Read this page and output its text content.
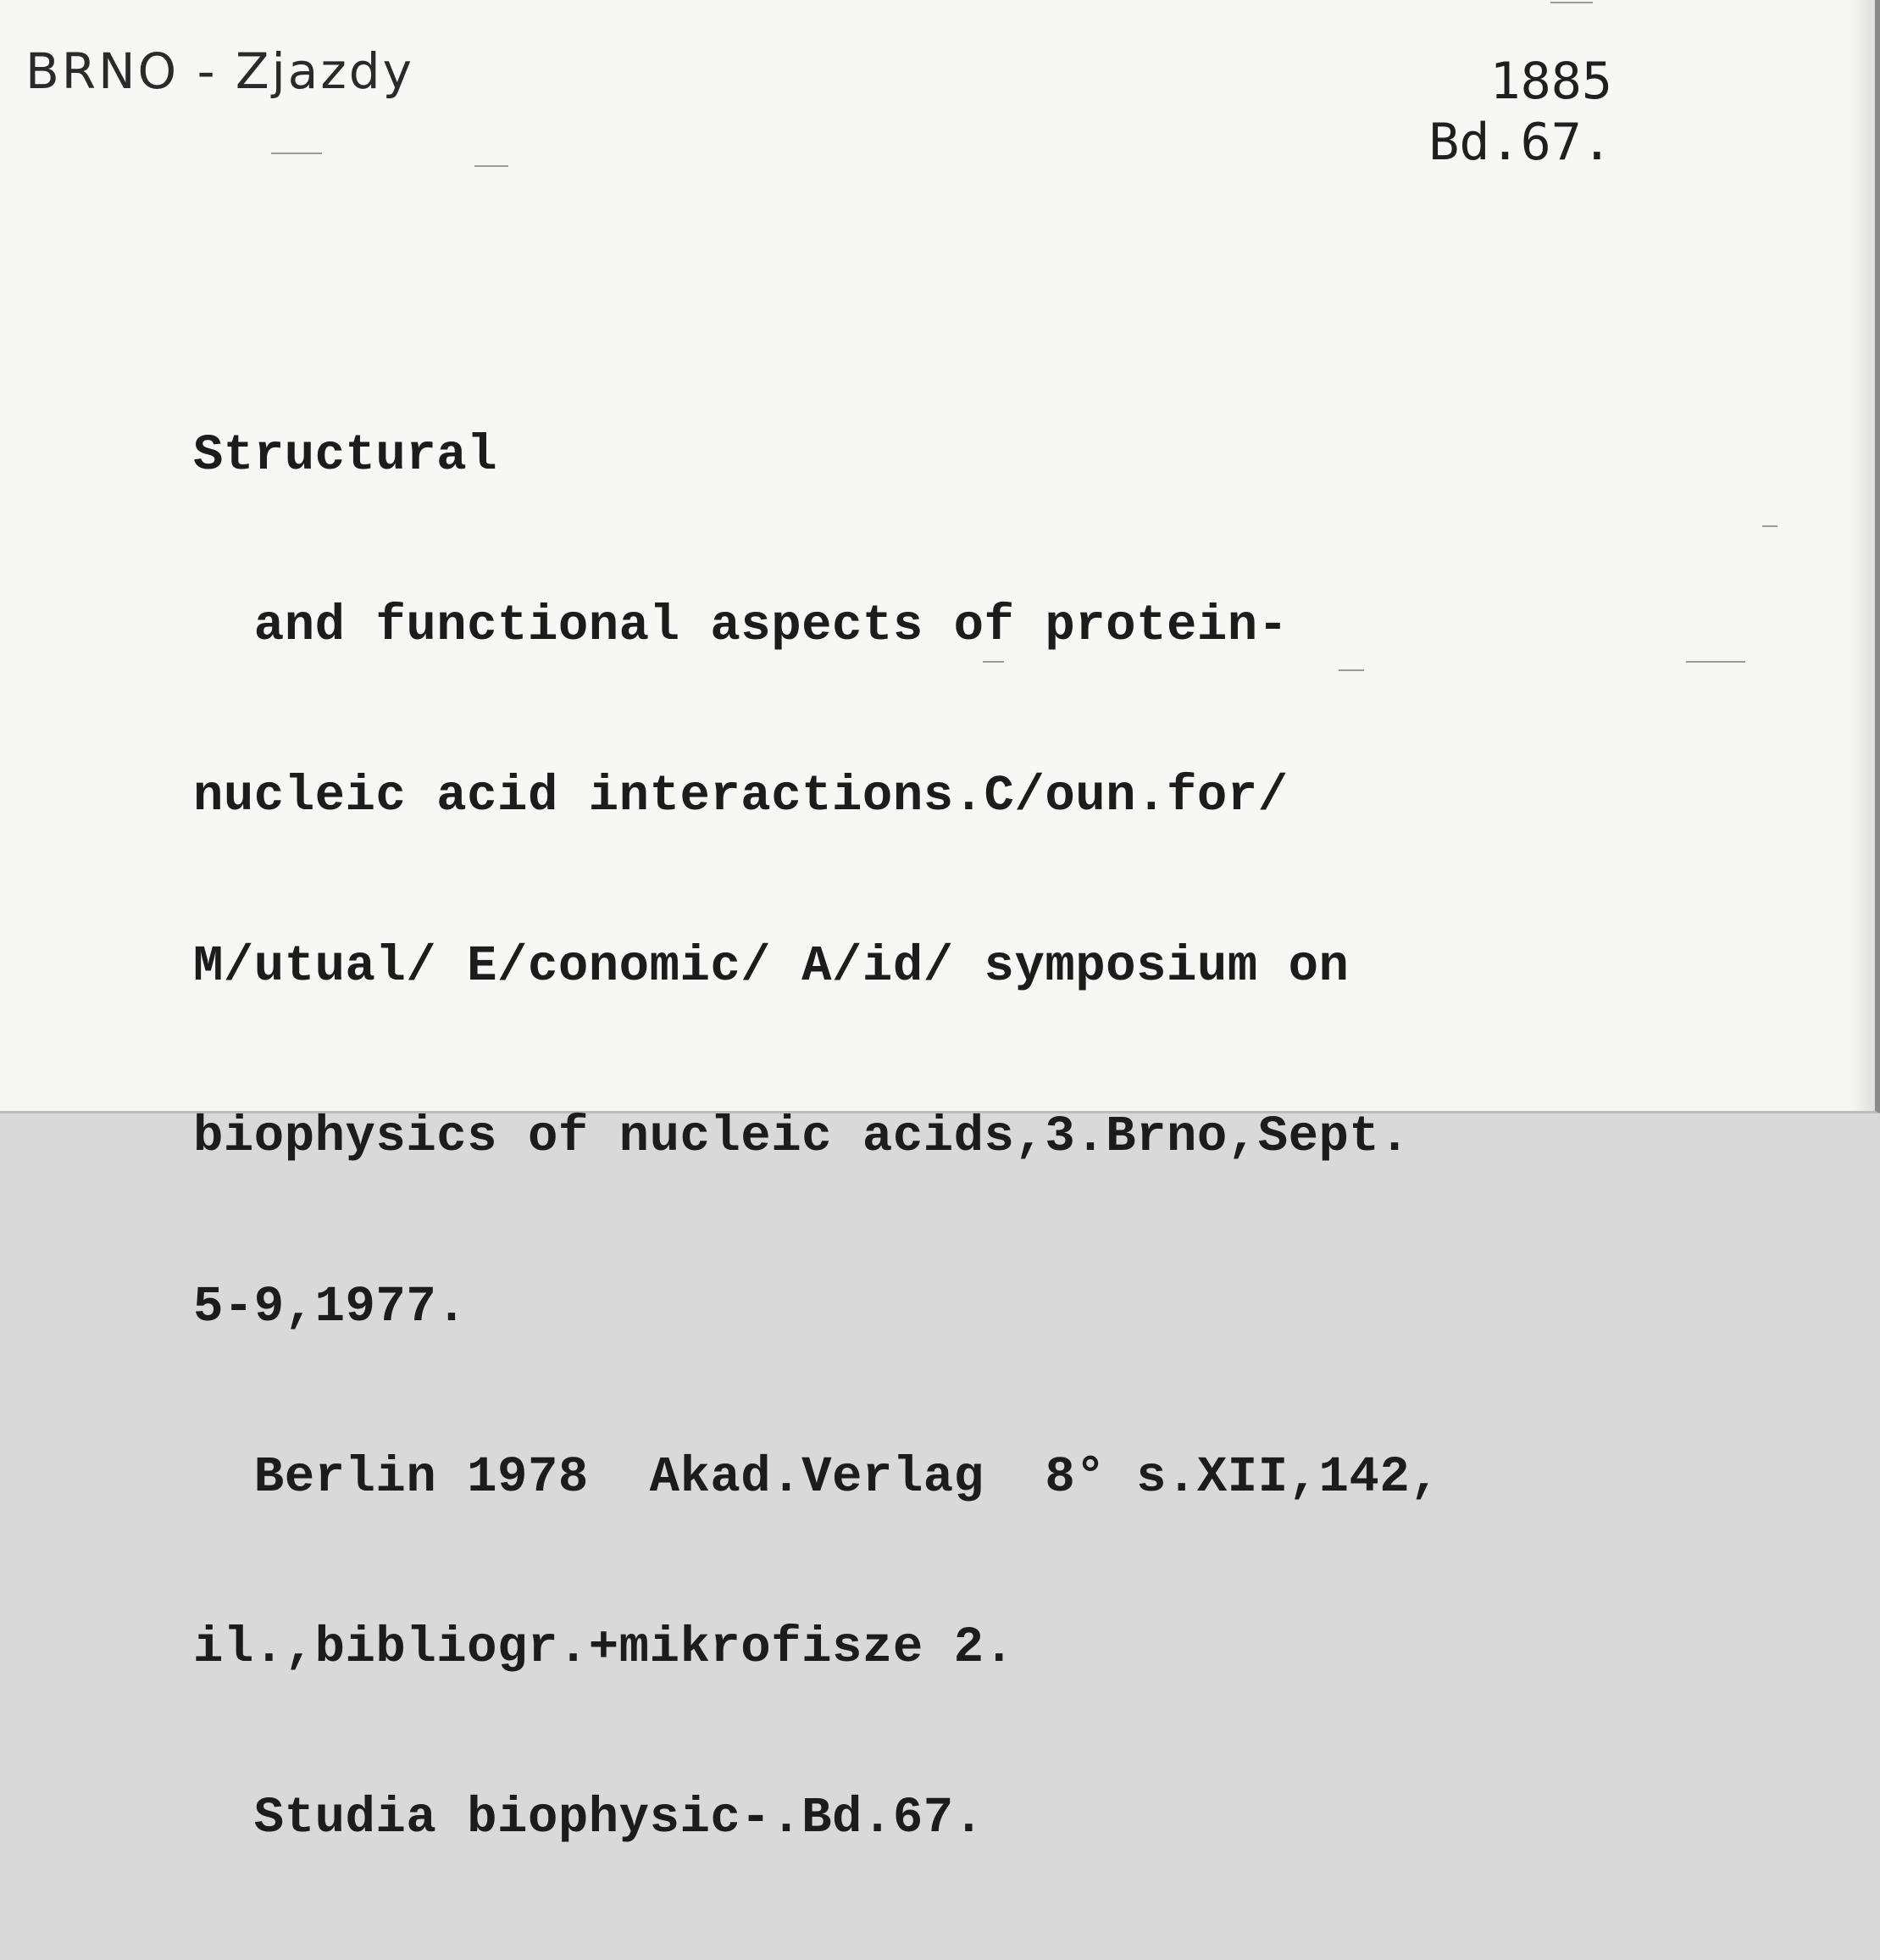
BRNO - Zjazdy	1885
Bd.67.

Structural

and functional aspects of protein-

nucleic acid interactions.C/oun.for/

M/utual/ E/conomic/ A/id/ symposium on

biophysics of nucleic acids,3.Brno,Sept.

5-9,1977.

Berlin 1978  Akad.Verlag  8° s.XII,142,

il.,bibliogr.+mikrofisze 2.

Studia biophysic-.Bd.67.
